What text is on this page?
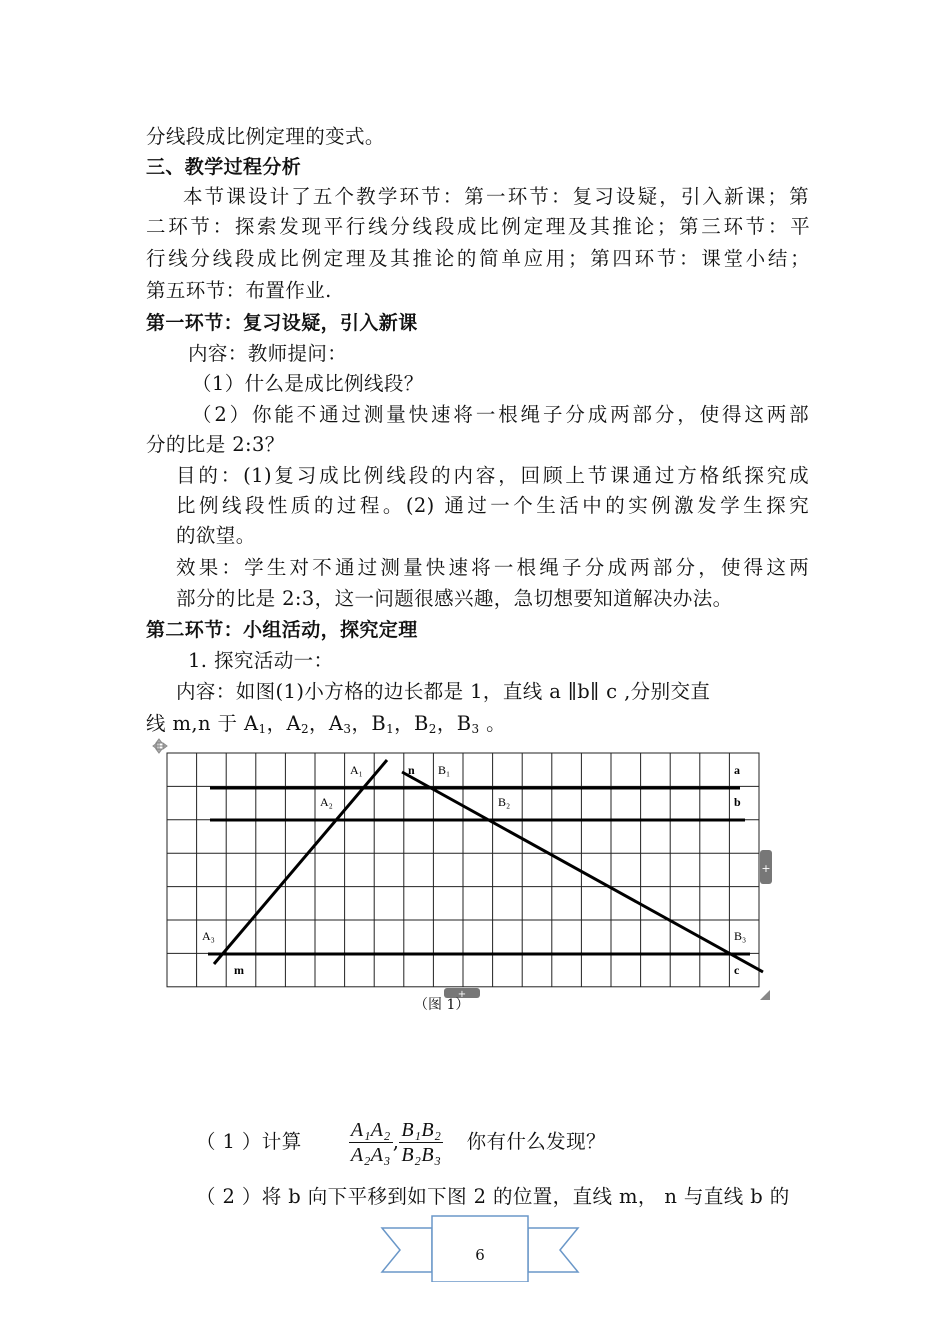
分线段成比例定理的变式。
三、教学过程分析
本节课设计了五个教学环节：第一环节：复习设疑，引入新课；第
二环节：探索发现平行线分线段成比例定理及其推论；第三环节：平
行线分线段成比例定理及其推论的简单应用；第四环节：课堂小结；
第五环节：布置作业.
第一环节：复习设疑，引入新课
内容：教师提问：
（1）什么是成比例线段？
（2）你能不通过测量快速将一根绳子分成两部分，使得这两部
分的比是 2:3？
目的：(1)复习成比例线段的内容，回顾上节课通过方格纸探究成
比例线段性质的过程。(2) 通过一个生活中的实例激发学生探究
的欲望。
效果：学生对不通过测量快速将一根绳子分成两部分，使得这两
部分的比是 2:3，这一问题很感兴趣，急切想要知道解决办法。
第二环节：小组活动，探究定理
1. 探究活动一：
内容：如图(1)小方格的边长都是 1，直线 a ∥b∥ c ,分别交直
线 m,n 于 $A_1$，$A_2$，$A_3$，$B_1$，$B_2$，$B_3$ 。
A₁	n B₁	a
A₂	B₂	b
A₃	B₃
m	c
+
+
（图 1）
（ 1 ）计算 $\frac{\text{A₁A₂}}{\text{A₂A₃}}$ , $\frac{\text{B₁B₂}}{\text{B₂B₃}}$ 你有什么发现？
（ 2 ）将 b 向下平移到如下图 2 的位置，直线 m， n 与直线 b 的
6
